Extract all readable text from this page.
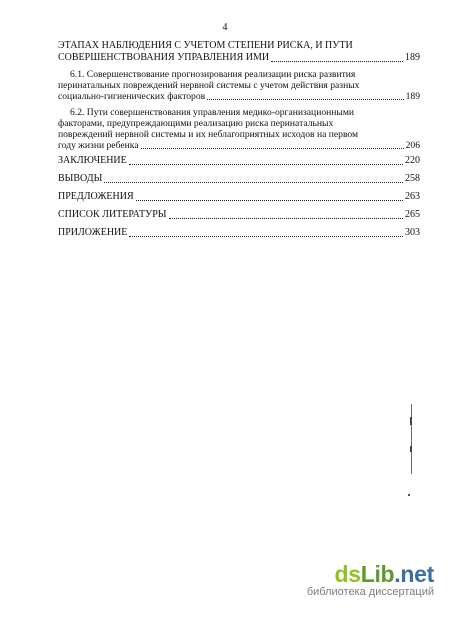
4
ЭТАПАХ НАБЛЮДЕНИЯ С УЧЕТОМ СТЕПЕНИ РИСКА, И ПУТИ
СОВЕРШЕНСТВОВАНИЯ УПРАВЛЕНИЯ ИМИ	189
6.1. Совершенствование прогнозирования реализации риска развития
перинатальных повреждений нервной системы с учетом действия разных
социально-гигиенических факторов	189
6.2. Пути совершенствования управления медико-организационными
факторами, предупреждающими реализацию риска перинатальных
повреждений нервной системы и их неблагоприятных исходов на первом
году жизни ребенка	206
ЗАКЛЮЧЕНИЕ	220
ВЫВОДЫ	258
ПРЕДЛОЖЕНИЯ	263
СПИСОК ЛИТЕРАТУРЫ	265
ПРИЛОЖЕНИЕ	303
dsLib.net
библиотека диссертаций
